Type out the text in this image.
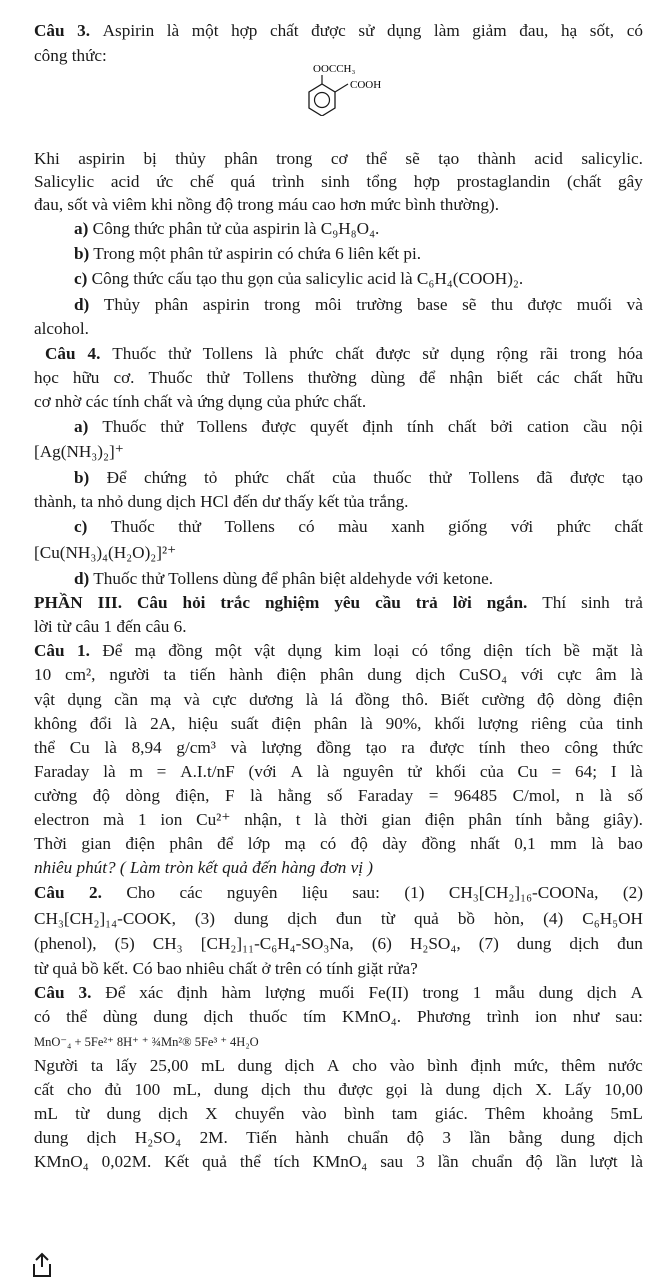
Câu 3. Aspirin là một hợp chất được sử dụng làm giảm đau, hạ sốt, có
công thức:
OOCCH₃
COOH
Khi aspirin bị thủy phân trong cơ thể sẽ tạo thành acid salicylic.
Salicylic acid ức chế quá trình sinh tổng hợp prostaglandin (chất gây
đau, sốt và viêm khi nồng độ trong máu cao hơn mức bình thường).
a) Công thức phân tử của aspirin là C₉H₈O₄.
b) Trong một phân tử aspirin có chứa 6 liên kết pi.
c) Công thức cấu tạo thu gọn của salicylic acid là C₆H₄(COOH)₂.
d) Thủy phân aspirin trong môi trường base sẽ thu được muối và
alcohol.
Câu 4. Thuốc thử Tollens là phức chất được sử dụng rộng rãi trong hóa
học hữu cơ. Thuốc thử Tollens thường dùng để nhận biết các chất hữu
cơ nhờ các tính chất và ứng dụng của phức chất.
a) Thuốc thử Tollens được quyết định tính chất bởi cation cầu nội
[Ag(NH₃)₂]⁺
b) Để chứng tỏ phức chất của thuốc thử Tollens đã được tạo
thành, ta nhỏ dung dịch HCl đến dư thấy kết tủa trắng.
c) Thuốc thử Tollens có màu xanh giống với phức chất
[Cu(NH₃)₄(H₂O)₂]²⁺
d) Thuốc thử Tollens dùng để phân biệt aldehyde với ketone.
PHẦN III. Câu hỏi trắc nghiệm yêu cầu trả lời ngắn. Thí sinh trả
lời từ câu 1 đến câu 6.
Câu 1. Để mạ đồng một vật dụng kim loại có tổng diện tích bề mặt là
10 cm², người ta tiến hành điện phân dung dịch CuSO₄ với cực âm là
vật dụng cần mạ và cực dương là lá đồng thô. Biết cường độ dòng điện
không đổi là 2A, hiệu suất điện phân là 90%, khối lượng riêng của tinh
thể Cu là 8,94 g/cm³ và lượng đồng tạo ra được tính theo công thức
Faraday là m = A.I.t/nF (với A là nguyên tử khối của Cu = 64; I là
cường độ dòng điện, F là hằng số Faraday = 96485 C/mol, n là số
electron mà 1 ion Cu²⁺ nhận, t là thời gian điện phân tính bằng giây).
Thời gian điện phân để lớp mạ có độ dày đồng nhất 0,1 mm là bao
nhiêu phút? ( Làm tròn kết quả đến hàng đơn vị )
Câu 2. Cho các nguyên liệu sau: (1) CH₃[CH₂]₁₆-COONa, (2)
CH₃[CH₂]₁₄-COOK, (3) dung dịch đun từ quả bồ hòn, (4) C₆H₅OH
(phenol), (5) CH₃ [CH₂]₁₁-C₆H₄-SO₃Na, (6) H₂SO₄, (7) dung dịch đun
từ quả bồ kết. Có bao nhiêu chất ở trên có tính giặt rửa?
Câu 3. Để xác định hàm lượng muối Fe(II) trong 1 mẫu dung dịch A
có thể dùng dung dịch thuốc tím KMnO₄. Phương trình ion như sau:
MnO⁻₄ + 5Fe²⁺ 8H⁺ ⁺ ¾Mn²® 5Fe³ ⁺ 4H₂O
Người ta lấy 25,00 mL dung dịch A cho vào bình định mức, thêm nước
cất cho đủ 100 mL, dung dịch thu được gọi là dung dịch X. Lấy 10,00
mL từ dung dịch X chuyển vào bình tam giác. Thêm khoảng 5mL
dung dịch H₂SO₄ 2M. Tiến hành chuẩn độ 3 lần bằng dung dịch
KMnO₄ 0,02M. Kết quả thể tích KMnO₄ sau 3 lần chuẩn độ lần lượt là
